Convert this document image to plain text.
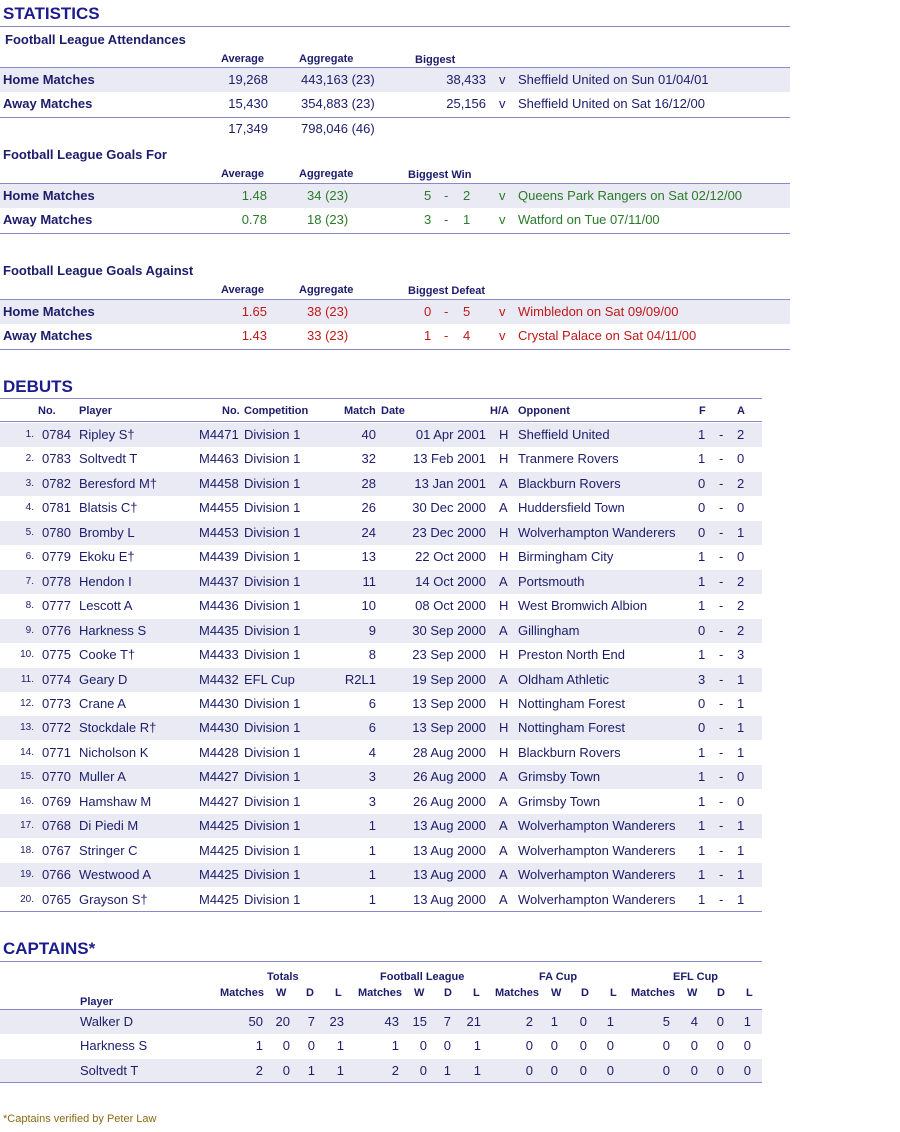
STATISTICS
Football League Attendances
Average	Aggregate	Biggest
Home Matches	19,268	443,163 (23)	38,433 v Sheffield United on Sun 01/04/01
Away Matches	15,430	354,883 (23)	25,156 v Sheffield United on Sat 16/12/00
17,349	798,046 (46)
Football League Goals For
Average	Aggregate	Biggest Win
Home Matches	1.48	34 (23)	5 - 2 v Queens Park Rangers on Sat 02/12/00
Away Matches	0.78	18 (23)	3 - 1 v Watford on Tue 07/11/00
Football League Goals Against
Average	Aggregate	Biggest Defeat
Home Matches	1.65	38 (23)	0 - 5 v Wimbledon on Sat 09/09/00
Away Matches	1.43	33 (23)	1 - 4 v Crystal Palace on Sat 04/11/00
DEBUTS
No. Player	No. Competition	Match Date	H/A Opponent	F	A
1. 0784 Ripley S†	M4471 Division 1	40	01 Apr 2001 H Sheffield United	1 - 2
2. 0783 Soltvedt T	M4463 Division 1	32	13 Feb 2001 H Tranmere Rovers	1 - 0
3. 0782 Beresford M†	M4458 Division 1	28	13 Jan 2001 A Blackburn Rovers	0 - 2
4. 0781 Blatsis C†	M4455 Division 1	26	30 Dec 2000 A Huddersfield Town	0 - 0
5. 0780 Bromby L	M4453 Division 1	24	23 Dec 2000 H Wolverhampton Wanderers 0 - 1
6. 0779 Ekoku E†	M4439 Division 1	13	22 Oct 2000 H Birmingham City	1 - 0
7. 0778 Hendon I	M4437 Division 1	11	14 Oct 2000 A Portsmouth	1 - 2
8. 0777 Lescott A	M4436 Division 1	10	08 Oct 2000 H West Bromwich Albion	1 - 2
9. 0776 Harkness S	M4435 Division 1	9	30 Sep 2000 A Gillingham	0 - 2
10. 0775 Cooke T†	M4433 Division 1	8	23 Sep 2000 H Preston North End	1 - 3
11. 0774 Geary D	M4432 EFL Cup	R2L1	19 Sep 2000 A Oldham Athletic	3 - 1
12. 0773 Crane A	M4430 Division 1	6	13 Sep 2000 H Nottingham Forest	0 - 1
13. 0772 Stockdale R†	M4430 Division 1	6	13 Sep 2000 H Nottingham Forest	0 - 1
14. 0771 Nicholson K	M4428 Division 1	4	28 Aug 2000 H Blackburn Rovers	1 - 1
15. 0770 Muller A	M4427 Division 1	3	26 Aug 2000 A Grimsby Town	1 - 0
16. 0769 Hamshaw M	M4427 Division 1	3	26 Aug 2000 A Grimsby Town	1 - 0
17. 0768 Di Piedi M	M4425 Division 1	1	13 Aug 2000 A Wolverhampton Wanderers 1 - 1
18. 0767 Stringer C	M4425 Division 1	1	13 Aug 2000 A Wolverhampton Wanderers 1 - 1
19. 0766 Westwood A	M4425 Division 1	1	13 Aug 2000 A Wolverhampton Wanderers 1 - 1
20. 0765 Grayson S†	M4425 Division 1	1	13 Aug 2000 A Wolverhampton Wanderers 1 - 1
CAPTAINS*
Totals	Football League	FA Cup	EFL Cup
Player
Matches W D L Matches W D L Matches W D L Matches W D L
Walker D	50 20 7 23	43 15 7 21	2 1 0 1	5 4 0 1
Harkness S	1 0 0 1	1 0 0 1	0 0 0 0	0 0 0 0
Soltvedt T	2 0 1 1	2 0 1 1	0 0 0 0	0 0 0 0
*Captains verified by Peter Law
